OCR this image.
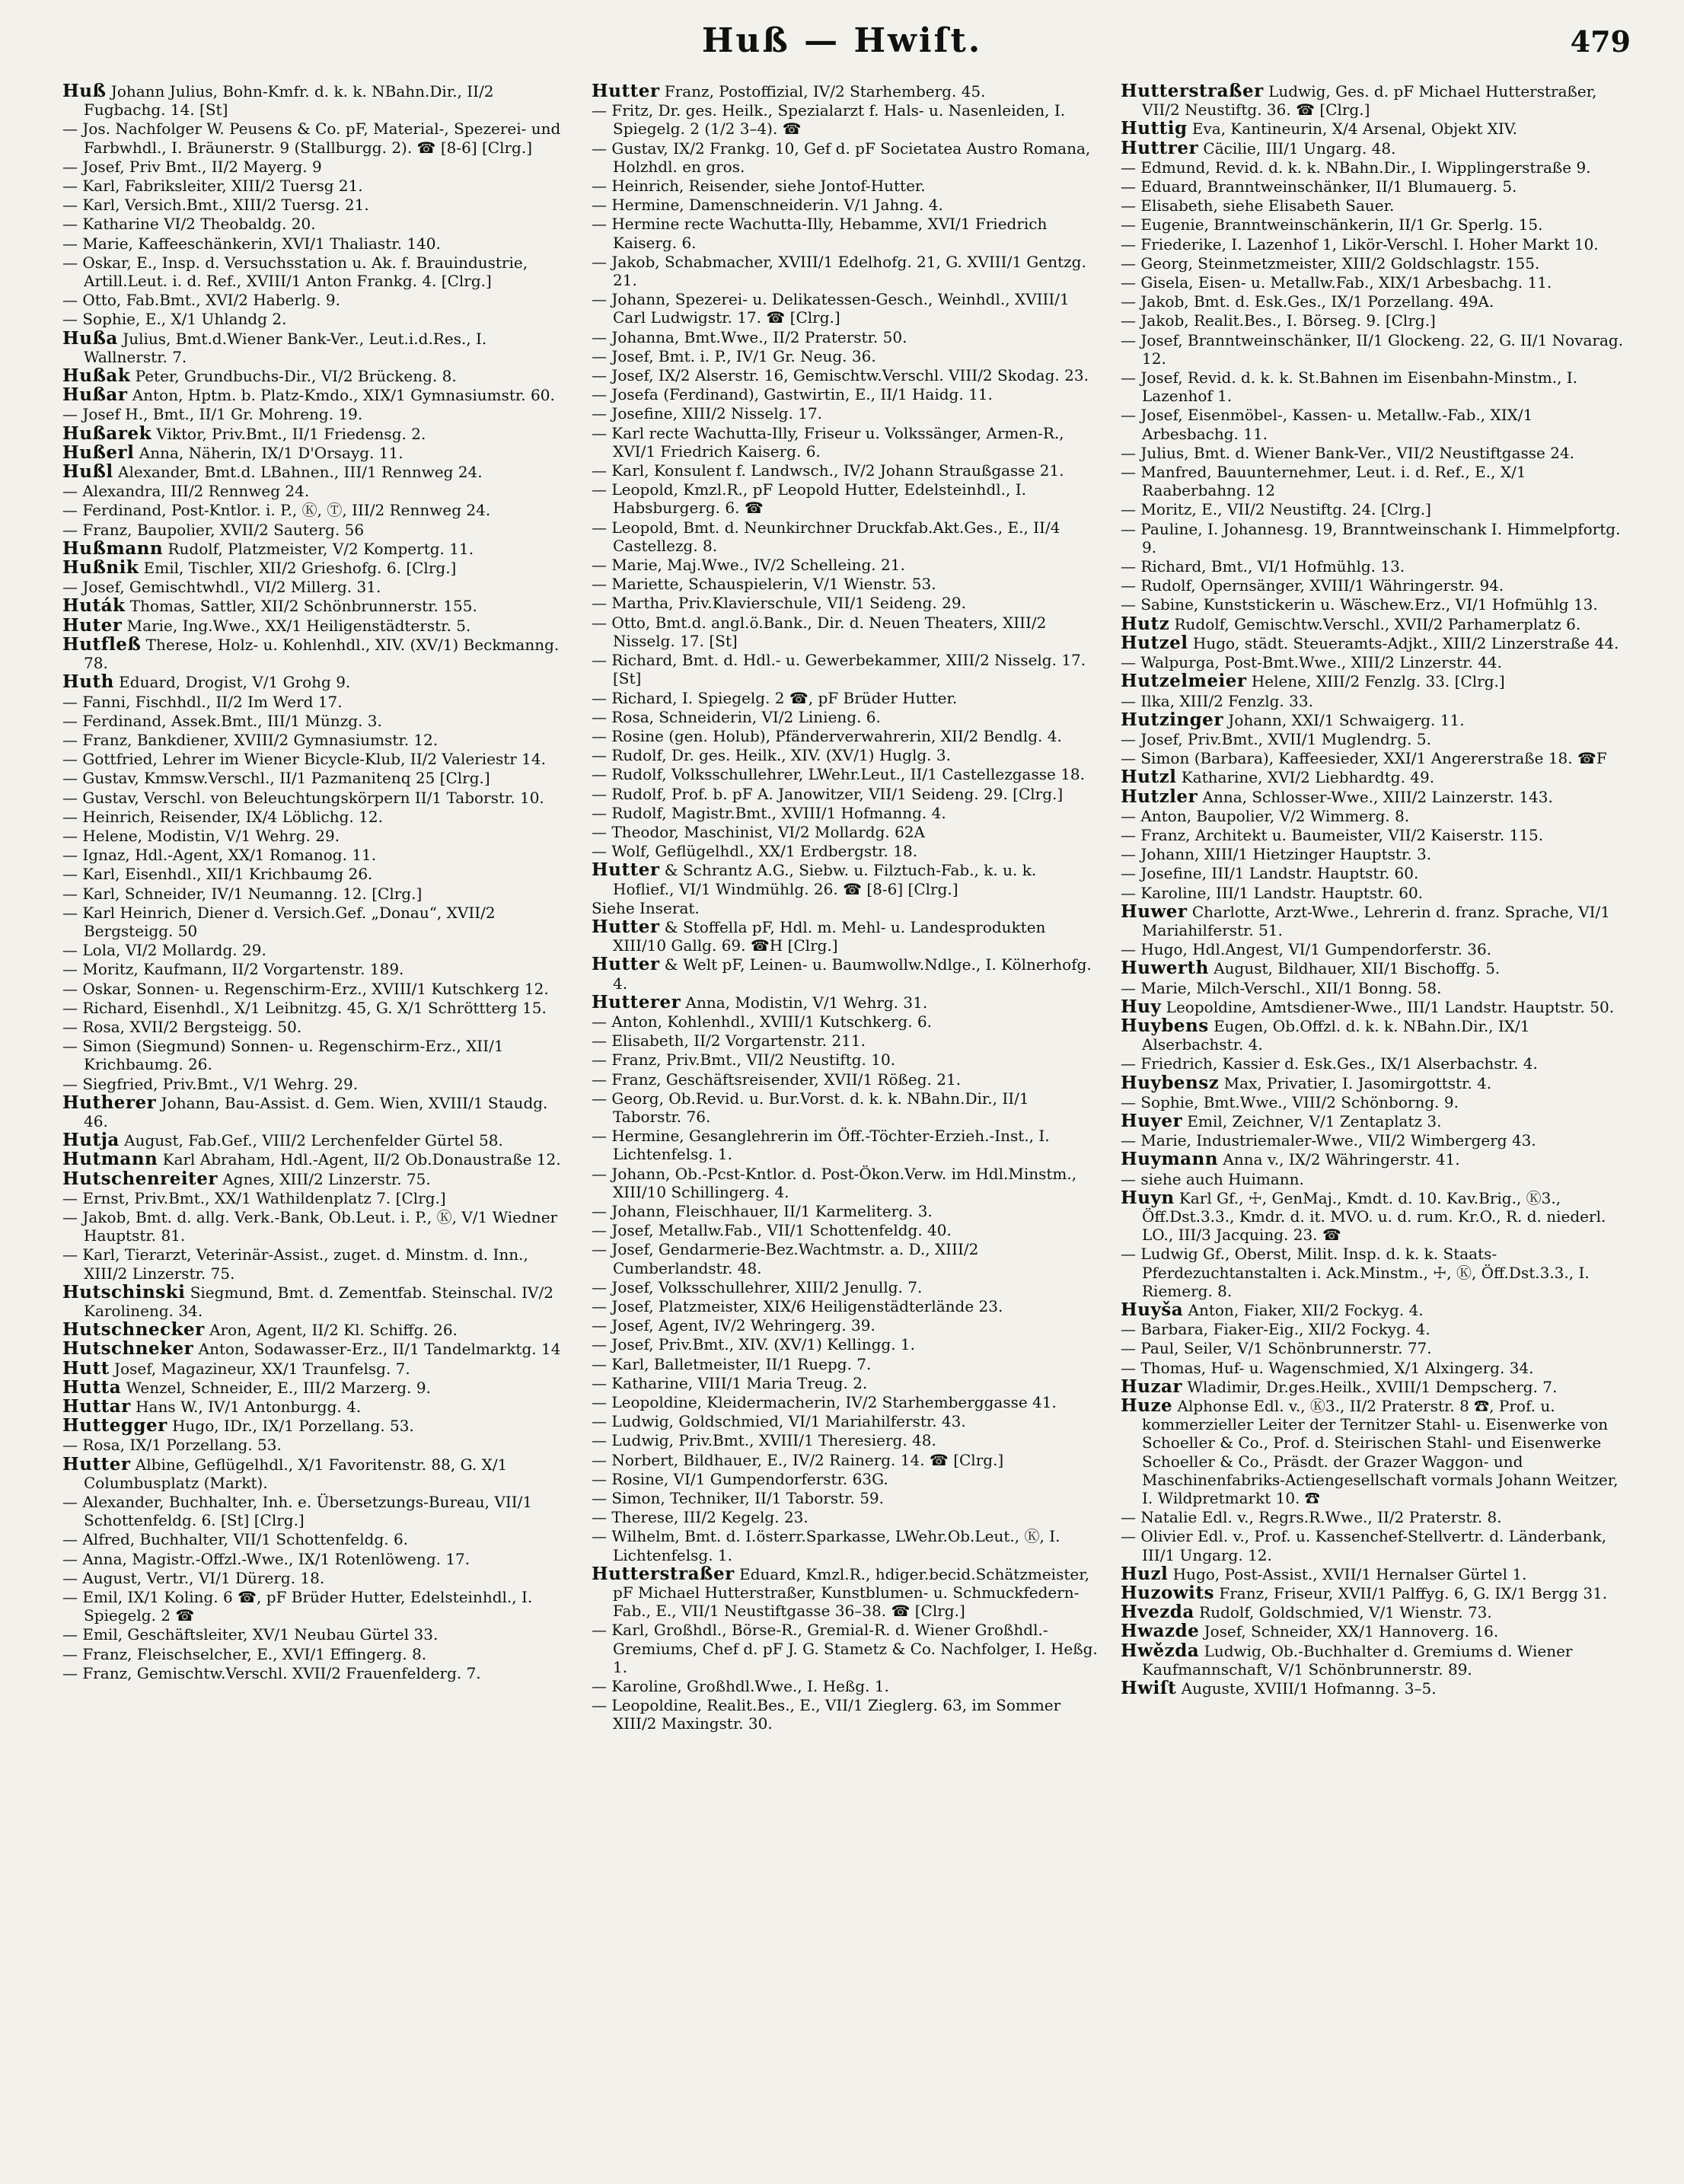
Huß — Hwiſt.	479
Huß Johann Julius, Bohn-Kmfr. d. k. k. NBahn.Dir., II/2 Fugbachg. 14. [St]
— Jos. Nachfolger W. Peusens & Co. pF, Material-, Spezerei- und Farbwhdl., I. Bräunerstr. 9 (Stallburgg. 2). ☎ [8-6] [Clrg.]
— Josef, Priv Bmt., II/2 Mayerg. 9
— Karl, Fabriksleiter, XIII/2 Tuersg 21.
— Karl, Versich.Bmt., XIII/2 Tuersg. 21.
— Katharine VI/2 Theobaldg. 20.
— Marie, Kaffeeschänkerin, XVI/1 Thaliastr. 140.
— Oskar, E., Insp. d. Versuchsstation u. Ak. f. Brauindustrie, Artill.Leut. i. d. Ref., XVIII/1 Anton Frankg. 4. [Clrg.]
— Otto, Fab.Bmt., XVI/2 Haberlg. 9.
— Sophie, E., X/1 Uhlandg 2.
Hußa Julius, Bmt.d.Wiener Bank-Ver., Leut.i.d.Res., I. Wallnerstr. 7.
Hußak Peter, Grundbuchs-Dir., VI/2 Brückeng. 8.
Hußar Anton, Hptm. b. Platz-Kmdo., XIX/1 Gymnasiumstr. 60.
— Josef H., Bmt., II/1 Gr. Mohreng. 19.
Hußarek Viktor, Priv.Bmt., II/1 Friedensg. 2.
Hußerl Anna, Näherin, IX/1 D'Orsayg. 11.
Hußl Alexander, Bmt.d. LBahnen., III/1 Rennweg 24.
— Alexandra, III/2 Rennweg 24.
— Ferdinand, Post-Kntlor. i. P., Ⓚ, Ⓣ, III/2 Rennweg 24.
— Franz, Baupolier, XVII/2 Sauterg. 56
Hußmann Rudolf, Platzmeister, V/2 Kompertg. 11.
Hußnik Emil, Tischler, XII/2 Grieshofg. 6. [Clrg.]
— Josef, Gemischtwhdl., VI/2 Millerg. 31.
Huták Thomas, Sattler, XII/2 Schönbrunnerstr. 155.
Huter Marie, Ing.Wwe., XX/1 Heiligenstädterstr. 5.
Hutfleß Therese, Holz- u. Kohlenhdl., XIV. (XV/1) Beckmanng. 78.
Huth Eduard, Drogist, V/1 Grohg 9.
— Fanni, Fischhdl., II/2 Im Werd 17.
— Ferdinand, Assek.Bmt., III/1 Münzg. 3.
— Franz, Bankdiener, XVIII/2 Gymnasiumstr. 12.
— Gottfried, Lehrer im Wiener Bicycle-Klub, II/2 Valeriestr 14.
— Gustav, Kmmsw.Verschl., II/1 Pazmanitenq 25 [Clrg.]
— Gustav, Verschl. von Beleuchtungskörpern II/1 Taborstr. 10.
— Heinrich, Reisender, IX/4 Löblichg. 12.
— Helene, Modistin, V/1 Wehrg. 29.
— Ignaz, Hdl.-Agent, XX/1 Romanog. 11.
— Karl, Eisenhdl., XII/1 Krichbaumg 26.
— Karl, Schneider, IV/1 Neumanng. 12. [Clrg.]
— Karl Heinrich, Diener d. Versich.Gef. „Donau“, XVII/2 Bergsteigg. 50
— Lola, VI/2 Mollardg. 29.
— Moritz, Kaufmann, II/2 Vorgartenstr. 189.
— Oskar, Sonnen- u. Regenschirm-Erz., XVIII/1 Kutschkerg 12.
— Richard, Eisenhdl., X/1 Leibnitzg. 45, G. X/1 Schröttterg 15.
— Rosa, XVII/2 Bergsteigg. 50.
— Simon (Siegmund) Sonnen- u. Regenschirm-Erz., XII/1 Krichbaumg. 26.
— Siegfried, Priv.Bmt., V/1 Wehrg. 29.
Hutherer Johann, Bau-Assist. d. Gem. Wien, XVIII/1 Staudg. 46.
Hutja August, Fab.Gef., VIII/2 Lerchenfelder Gürtel 58.
Hutmann Karl Abraham, Hdl.-Agent, II/2 Ob.Donaustraße 12.
Hutschenreiter Agnes, XIII/2 Linzerstr. 75.
— Ernst, Priv.Bmt., XX/1 Wathildenplatz 7. [Clrg.]
— Jakob, Bmt. d. allg. Verk.-Bank, Ob.Leut. i. P., Ⓚ, V/1 Wiedner Hauptstr. 81.
— Karl, Tierarzt, Veterinär-Assist., zuget. d. Minstm. d. Inn., XIII/2 Linzerstr. 75.
Hutschinski Siegmund, Bmt. d. Zementfab. Steinschal. IV/2 Karolineng. 34.
Hutschnecker Aron, Agent, II/2 Kl. Schiffg. 26.
Hutschneker Anton, Sodawasser-Erz., II/1 Tandelmarktg. 14
Hutt Josef, Magazineur, XX/1 Traunfelsg. 7.
Hutta Wenzel, Schneider, E., III/2 Marzerg. 9.
Huttar Hans W., IV/1 Antonburgg. 4.
Huttegger Hugo, IDr., IX/1 Porzellang. 53.
— Rosa, IX/1 Porzellang. 53.
Hutter Albine, Geflügelhdl., X/1 Favoritenstr. 88, G. X/1 Columbusplatz (Markt).
— Alexander, Buchhalter, Inh. e. Übersetzungs-Bureau, VII/1 Schottenfeldg. 6. [St] [Clrg.]
— Alfred, Buchhalter, VII/1 Schottenfeldg. 6.
— Anna, Magistr.-Offzl.-Wwe., IX/1 Rotenlöweng. 17.
— August, Vertr., VI/1 Dürerg. 18.
— Emil, IX/1 Koling. 6 ☎, pF Brüder Hutter, Edelsteinhdl., I. Spiegelg. 2 ☎
— Emil, Geschäftsleiter, XV/1 Neubau Gürtel 33.
— Franz, Fleischselcher, E., XVI/1 Effingerg. 8.
— Franz, Gemischtw.Verschl. XVII/2 Frauenfelderg. 7.
Hutter Franz, Postoffizial, IV/2 Starhemberg. 45.
— Fritz, Dr. ges. Heilk., Spezialarzt f. Hals- u. Nasenleiden, I. Spiegelg. 2 (1/2 3–4). ☎
— Gustav, IX/2 Frankg. 10, Gef d. pF Societatea Austro Romana, Holzhdl. en gros.
— Heinrich, Reisender, siehe Jontof-Hutter.
— Hermine, Damenschneiderin. V/1 Jahng. 4.
— Hermine recte Wachutta-Illy, Hebamme, XVI/1 Friedrich Kaiserg. 6.
— Jakob, Schabmacher, XVIII/1 Edelhofg. 21, G. XVIII/1 Gentzg. 21.
— Johann, Spezerei- u. Delikatessen-Gesch., Weinhdl., XVIII/1 Carl Ludwigstr. 17. ☎ [Clrg.]
— Johanna, Bmt.Wwe., II/2 Praterstr. 50.
— Josef, Bmt. i. P., IV/1 Gr. Neug. 36.
— Josef, IX/2 Alserstr. 16, Gemischtw.Verschl. VIII/2 Skodag. 23.
— Josefa (Ferdinand), Gastwirtin, E., II/1 Haidg. 11.
— Josefine, XIII/2 Nisselg. 17.
— Karl recte Wachutta-Illy, Friseur u. Volkssänger, Armen-R., XVI/1 Friedrich Kaiserg. 6.
— Karl, Konsulent f. Landwsch., IV/2 Johann Straußgasse 21.
— Leopold, Kmzl.R., pF Leopold Hutter, Edelsteinhdl., I. Habsburgerg. 6. ☎
— Leopold, Bmt. d. Neunkirchner Druckfab.Akt.Ges., E., II/4 Castellezg. 8.
— Marie, Maj.Wwe., IV/2 Schelleing. 21.
— Mariette, Schauspielerin, V/1 Wienstr. 53.
— Martha, Priv.Klavierschule, VII/1 Seideng. 29.
— Otto, Bmt.d. angl.ö.Bank., Dir. d. Neuen Theaters, XIII/2 Nisselg. 17. [St]
— Richard, Bmt. d. Hdl.- u. Gewerbekammer, XIII/2 Nisselg. 17. [St]
— Richard, I. Spiegelg. 2 ☎, pF Brüder Hutter.
— Rosa, Schneiderin, VI/2 Linieng. 6.
— Rosine (gen. Holub), Pfänderverwahrerin, XII/2 Bendlg. 4.
— Rudolf, Dr. ges. Heilk., XIV. (XV/1) Huglg. 3.
— Rudolf, Volksschullehrer, LWehr.Leut., II/1 Castellezgasse 18.
— Rudolf, Prof. b. pF A. Janowitzer, VII/1 Seideng. 29. [Clrg.]
— Rudolf, Magistr.Bmt., XVIII/1 Hofmanng. 4.
— Theodor, Maschinist, VI/2 Mollardg. 62A
— Wolf, Geflügelhdl., XX/1 Erdbergstr. 18.
Hutter & Schrantz A.G., Siebw. u. Filztuch-Fab., k. u. k. Hoflief., VI/1 Windmühlg. 26. ☎ [8-6] [Clrg.]
Siehe Inserat.
Hutter & Stoffella pF, Hdl. m. Mehl- u. Landesprodukten XIII/10 Gallg. 69. ☎H [Clrg.]
Hutter & Welt pF, Leinen- u. Baumwollw.Ndlge., I. Kölnerhofg. 4.
Hutterer Anna, Modistin, V/1 Wehrg. 31.
— Anton, Kohlenhdl., XVIII/1 Kutschkerg. 6.
— Elisabeth, II/2 Vorgartenstr. 211.
— Franz, Priv.Bmt., VII/2 Neustiftg. 10.
— Franz, Geschäftsreisender, XVII/1 Rößeg. 21.
— Georg, Ob.Revid. u. Bur.Vorst. d. k. k. NBahn.Dir., II/1 Taborstr. 76.
— Hermine, Gesanglehrerin im Öff.-Töchter-Erzieh.-Inst., I. Lichtenfelsg. 1.
— Johann, Ob.-Pcst-Kntlor. d. Post-Ökon.Verw. im Hdl.Minstm., XIII/10 Schillingerg. 4.
— Johann, Fleischhauer, II/1 Karmeliterg. 3.
— Josef, Metallw.Fab., VII/1 Schottenfeldg. 40.
— Josef, Gendarmerie-Bez.Wachtmstr. a. D., XIII/2 Cumberlandstr. 48.
— Josef, Volksschullehrer, XIII/2 Jenullg. 7.
— Josef, Platzmeister, XIX/6 Heiligenstädterlände 23.
— Josef, Agent, IV/2 Wehringerg. 39.
— Josef, Priv.Bmt., XIV. (XV/1) Kellingg. 1.
— Karl, Balletmeister, II/1 Ruepg. 7.
— Katharine, VIII/1 Maria Treug. 2.
— Leopoldine, Kleidermacherin, IV/2 Starhemberggasse 41.
— Ludwig, Goldschmied, VI/1 Mariahilferstr. 43.
— Ludwig, Priv.Bmt., XVIII/1 Theresierg. 48.
— Norbert, Bildhauer, E., IV/2 Rainerg. 14. ☎ [Clrg.]
— Rosine, VI/1 Gumpendorferstr. 63G.
— Simon, Techniker, II/1 Taborstr. 59.
— Therese, III/2 Kegelg. 23.
— Wilhelm, Bmt. d. I.österr.Sparkasse, LWehr.Ob.Leut., Ⓚ, I. Lichtenfelsg. 1.
Hutterstraßer Eduard, Kmzl.R., hdiger.becid.Schätzmeister, pF Michael Hutterstraßer, Kunstblumen- u. Schmuckfedern-Fab., E., VII/1 Neustiftgasse 36–38. ☎ [Clrg.]
— Karl, Großhdl., Börse-R., Gremial-R. d. Wiener Großhdl.-Gremiums, Chef d. pF J. G. Stametz & Co. Nachfolger, I. Heßg. 1.
— Karoline, Großhdl.Wwe., I. Heßg. 1.
— Leopoldine, Realit.Bes., E., VII/1 Zieglerg. 63, im Sommer XIII/2 Maxingstr. 30.
Hutterstraßer Ludwig, Ges. d. pF Michael Hutterstraßer, VII/2 Neustiftg. 36. ☎ [Clrg.]
Huttig Eva, Kantineurin, X/4 Arsenal, Objekt XIV.
Huttrer Cäcilie, III/1 Ungarg. 48.
— Edmund, Revid. d. k. k. NBahn.Dir., I. Wipplingerstraße 9.
— Eduard, Branntweinschänker, II/1 Blumauerg. 5.
— Elisabeth, siehe Elisabeth Sauer.
— Eugenie, Branntweinschänkerin, II/1 Gr. Sperlg. 15.
— Friederike, I. Lazenhof 1, Likör-Verschl. I. Hoher Markt 10.
— Georg, Steinmetzmeister, XIII/2 Goldschlagstr. 155.
— Gisela, Eisen- u. Metallw.Fab., XIX/1 Arbesbachg. 11.
— Jakob, Bmt. d. Esk.Ges., IX/1 Porzellang. 49A.
— Jakob, Realit.Bes., I. Börseg. 9. [Clrg.]
— Josef, Branntweinschänker, II/1 Glockeng. 22, G. II/1 Novarag. 12.
— Josef, Revid. d. k. k. St.Bahnen im Eisenbahn-Minstm., I. Lazenhof 1.
— Josef, Eisenmöbel-, Kassen- u. Metallw.-Fab., XIX/1 Arbesbachg. 11.
— Julius, Bmt. d. Wiener Bank-Ver., VII/2 Neustiftgasse 24.
— Manfred, Bauunternehmer, Leut. i. d. Ref., E., X/1 Raaberbahng. 12
— Moritz, E., VII/2 Neustiftg. 24. [Clrg.]
— Pauline, I. Johannesg. 19, Branntweinschank I. Himmelpfortg. 9.
— Richard, Bmt., VI/1 Hofmühlg. 13.
— Rudolf, Opernsänger, XVIII/1 Währingerstr. 94.
— Sabine, Kunststickerin u. Wäschew.Erz., VI/1 Hofmühlg 13.
Hutz Rudolf, Gemischtw.Verschl., XVII/2 Parhamerplatz 6.
Hutzel Hugo, städt. Steueramts-Adjkt., XIII/2 Linzerstraße 44.
— Walpurga, Post-Bmt.Wwe., XIII/2 Linzerstr. 44.
Hutzelmeier Helene, XIII/2 Fenzlg. 33. [Clrg.]
— Ilka, XIII/2 Fenzlg. 33.
Hutzinger Johann, XXI/1 Schwaigerg. 11.
— Josef, Priv.Bmt., XVII/1 Muglendrg. 5.
— Simon (Barbara), Kaffeesieder, XXI/1 Angererstraße 18. ☎F
Hutzl Katharine, XVI/2 Liebhardtg. 49.
Hutzler Anna, Schlosser-Wwe., XIII/2 Lainzerstr. 143.
— Anton, Baupolier, V/2 Wimmerg. 8.
— Franz, Architekt u. Baumeister, VII/2 Kaiserstr. 115.
— Johann, XIII/1 Hietzinger Hauptstr. 3.
— Josefine, III/1 Landstr. Hauptstr. 60.
— Karoline, III/1 Landstr. Hauptstr. 60.
Huwer Charlotte, Arzt-Wwe., Lehrerin d. franz. Sprache, VI/1 Mariahilferstr. 51.
— Hugo, Hdl.Angest, VI/1 Gumpendorferstr. 36.
Huwerth August, Bildhauer, XII/1 Bischoffg. 5.
— Marie, Milch-Verschl., XII/1 Bonng. 58.
Huy Leopoldine, Amtsdiener-Wwe., III/1 Landstr. Hauptstr. 50.
Huybens Eugen, Ob.Offzl. d. k. k. NBahn.Dir., IX/1 Alserbachstr. 4.
— Friedrich, Kassier d. Esk.Ges., IX/1 Alserbachstr. 4.
Huybensz Max, Privatier, I. Jasomirgottstr. 4.
— Sophie, Bmt.Wwe., VIII/2 Schönborng. 9.
Huyer Emil, Zeichner, V/1 Zentaplatz 3.
— Marie, Industriemaler-Wwe., VII/2 Wimbergerg 43.
Huymann Anna v., IX/2 Währingerstr. 41.
— siehe auch Huimann.
Huyn Karl Gf., ☩, GenMaj., Kmdt. d. 10. Kav.Brig., Ⓚ3., Öff.Dst.3.3., Kmdr. d. it. MVO. u. d. rum. Kr.O., R. d. niederl. LO., III/3 Jacquing. 23. ☎
— Ludwig Gf., Oberst, Milit. Insp. d. k. k. Staats-Pferdezuchtanstalten i. Ack.Minstm., ☩, Ⓚ, Öff.Dst.3.3., I. Riemerg. 8.
Huyša Anton, Fiaker, XII/2 Fockyg. 4.
— Barbara, Fiaker-Eig., XII/2 Fockyg. 4.
— Paul, Seiler, V/1 Schönbrunnerstr. 77.
— Thomas, Huf- u. Wagenschmied, X/1 Alxingerg. 34.
Huzar Wladimir, Dr.ges.Heilk., XVIII/1 Dempscherg. 7.
Huze Alphonse Edl. v., Ⓚ3., II/2 Praterstr. 8 ☎, Prof. u. kommerzieller Leiter der Ternitzer Stahl- u. Eisenwerke von Schoeller & Co., Prof. d. Steirischen Stahl- und Eisenwerke Schoeller & Co., Präsdt. der Grazer Waggon- und Maschinenfabriks-Actiengesellschaft vormals Johann Weitzer, I. Wildpretmarkt 10. ☎
— Natalie Edl. v., Regrs.R.Wwe., II/2 Praterstr. 8.
— Olivier Edl. v., Prof. u. Kassenchef-Stellvertr. d. Länderbank, III/1 Ungarg. 12.
Huzl Hugo, Post-Assist., XVII/1 Hernalser Gürtel 1.
Huzowits Franz, Friseur, XVII/1 Palffyg. 6, G. IX/1 Bergg 31.
Hvezda Rudolf, Goldschmied, V/1 Wienstr. 73.
Hwazde Josef, Schneider, XX/1 Hannoverg. 16.
Hwězda Ludwig, Ob.-Buchhalter d. Gremiums d. Wiener Kaufmannschaft, V/1 Schönbrunnerstr. 89.
Hwiſt Auguste, XVIII/1 Hofmanng. 3–5.
